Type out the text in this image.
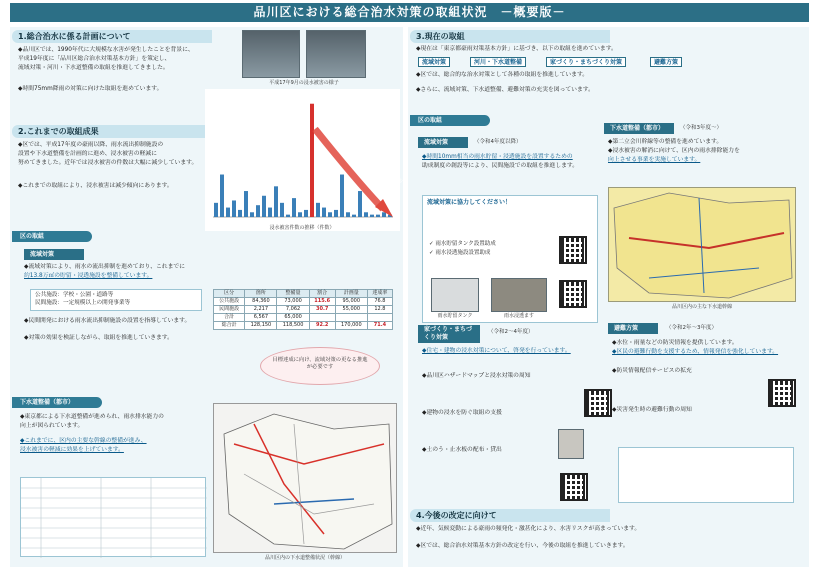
品川区における総合治水対策の取組状況　－概要版－
1.総合治水に係る計画について
◆品川区では、1990年代に大規模な水害が発生したことを背景に、
平成19年度に「品川区総合治水対策基本方針」を策定し、
流域対策・河川・下水道整備の取組を推進してきました。
◆時間75mm降雨の対策に向けた取組を進めています。
平成17年9月の浸水被害の様子
2.これまでの取組成果
◆区では、平成17年度の豪雨以降、雨水流出抑制施設の
設置や下水道整備を計画的に進め、浸水被害の軽減に
努めてきました。近年では浸水被害の件数は大幅に減少しています。
◆これまでの取組により、浸水被害は減少傾向にあります。
浸水被害減少
浸水被害件数の推移（件数）
区の取組
流域対策
◆流域対策により、雨水の流出抑制を進めており、これまでに
約13.8万㎥の貯留・浸透施設を整備しています。
公共施設：学校・公園・道路等
民間施設：一定規模以上の開発事業等
◆民間開発における雨水流出抑制施設の設置を指導しています。
◆対策の効果を検証しながら、取組を推進していきます。
区分	箇所	整備量	割合	計画量	達成率
公共施設	84,360	73,000	115.6	95,000	76.8
民間施設	2,217	7,062	30.7	55,000	12.8
合計	6,567	65,000			
総合計	128,150	118,500	92.2	170,000	71.4
目標達成に向け、流域対策の更なる推進が必要です
下水道整備（都市）
◆東京都による下水道整備が進められ、雨水排水能力の
向上が図られています。
◆これまでに、区内の主要な幹線の整備が進み、
浸水被害の軽減に効果を上げています。
品川区内の下水道整備状況（幹線）
3.現在の取組
◆現在は「東京都豪雨対策基本方針」に基づき、以下の取組を進めています。
流域対策	河川・下水道整備	家づくり・まちづくり対策	避難方策
◆区では、総合的な治水対策として各種の取組を推進しています。
◆さらに、流域対策、下水道整備、避難対策の充実を図っています。
区の取組
流域対策	（令和4年度以降）
◆時間10mm相当の雨水貯留・浸透施設を設置するための
助成制度の創設等により、民間施設での取組を推進します。
流域対策に協力してください！
✓ 雨水貯留タンク設置助成
✓ 雨水浸透施設設置助成
雨水貯留タンク	雨水浸透ます
下水道整備（都市）	（令和3年度〜）
◆第二立会川幹線等の整備を進めています。
◆浸水被害の解消に向けて、区内の雨水排除能力を
向上させる事業を実施しています。
品川区内の主な下水道幹線
家づくり・まちづくり対策
（令和2〜4年度）
◆住宅・建物の浸水対策について、啓発を行っています。
◆品川区ハザードマップと浸水対策の周知
◆建物の浸水を防ぐ取組の支援
◆土のう・止水板の配布・貸出
避難方策	（令和2年〜3年度）
◆水位・雨量などの防災情報を提供しています。
◆区民の避難行動を支援するため、情報発信を強化しています。
◆防災情報配信サービスの拡充
◆災害発生時の避難行動の周知
4.今後の改定に向けて
◆近年、気候変動による豪雨の頻発化・激甚化により、水害リスクが高まっています。
◆区では、総合治水対策基本方針の改定を行い、今後の取組を推進していきます。
